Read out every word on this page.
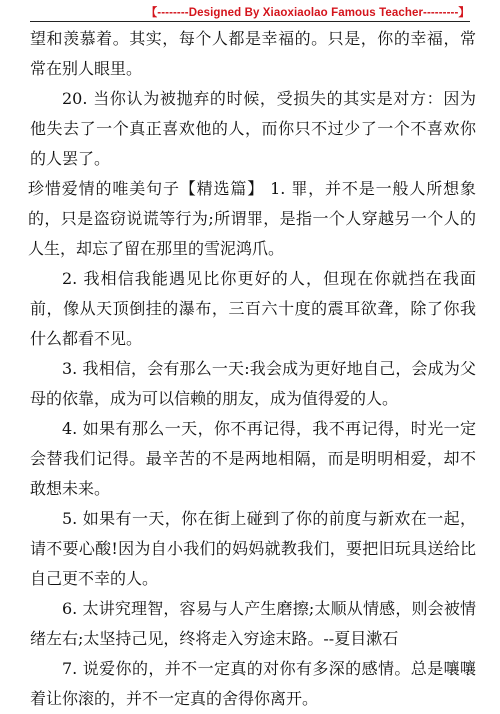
【--------Designed By Xiaoxiaolao Famous Teacher---------】

望和羡慕着。其实，每个人都是幸福的。只是，你的幸福，常常在别人眼里。

20. 当你认为被抛弃的时候，受损失的其实是对方：因为他失去了一个真正喜欢他的人，而你只不过少了一个不喜欢你的人罢了。

珍惜爱情的唯美句子【精选篇】 1. 罪，并不是一般人所想象的，只是盗窃说谎等行为;所谓罪，是指一个人穿越另一个人的人生，却忘了留在那里的雪泥鸿爪。

2. 我相信我能遇见比你更好的人，但现在你就挡在我面前，像从天顶倒挂的瀑布，三百六十度的震耳欲聋，除了你我什么都看不见。

3. 我相信，会有那么一天:我会成为更好地自己，会成为父母的依靠，成为可以信赖的朋友，成为值得爱的人。

4. 如果有那么一天，你不再记得，我不再记得，时光一定会替我们记得。最辛苦的不是两地相隔，而是明明相爱，却不敢想未来。

5. 如果有一天，你在街上碰到了你的前度与新欢在一起，请不要心酸!因为自小我们的妈妈就教我们，要把旧玩具送给比自己更不幸的人。

6. 太讲究理智，容易与人产生磨擦;太顺从情感，则会被情绪左右;太坚持己见，终将走入穷途末路。--夏目漱石

7. 说爱你的，并不一定真的对你有多深的感情。总是嚷嚷着让你滚的，并不一定真的舍得你离开。
